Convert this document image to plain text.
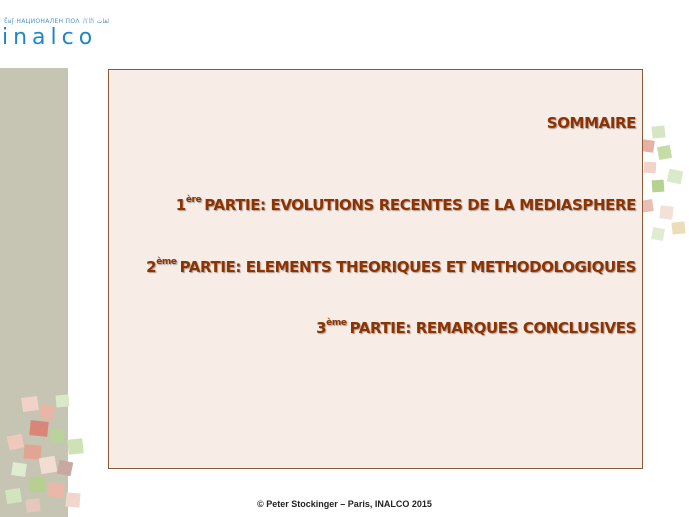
Ɛ̄ʁʃ НАЦИОНАЛЕН ΠΟΛ 言语 لغات
inalco
SOMMAIRE
1ère PARTIE: EVOLUTIONS RECENTES DE LA MEDIASPHERE
2ème PARTIE: ELEMENTS THEORIQUES ET METHODOLOGIQUES
3ème PARTIE: REMARQUES CONCLUSIVES
© Peter Stockinger – Paris, INALCO 2015
